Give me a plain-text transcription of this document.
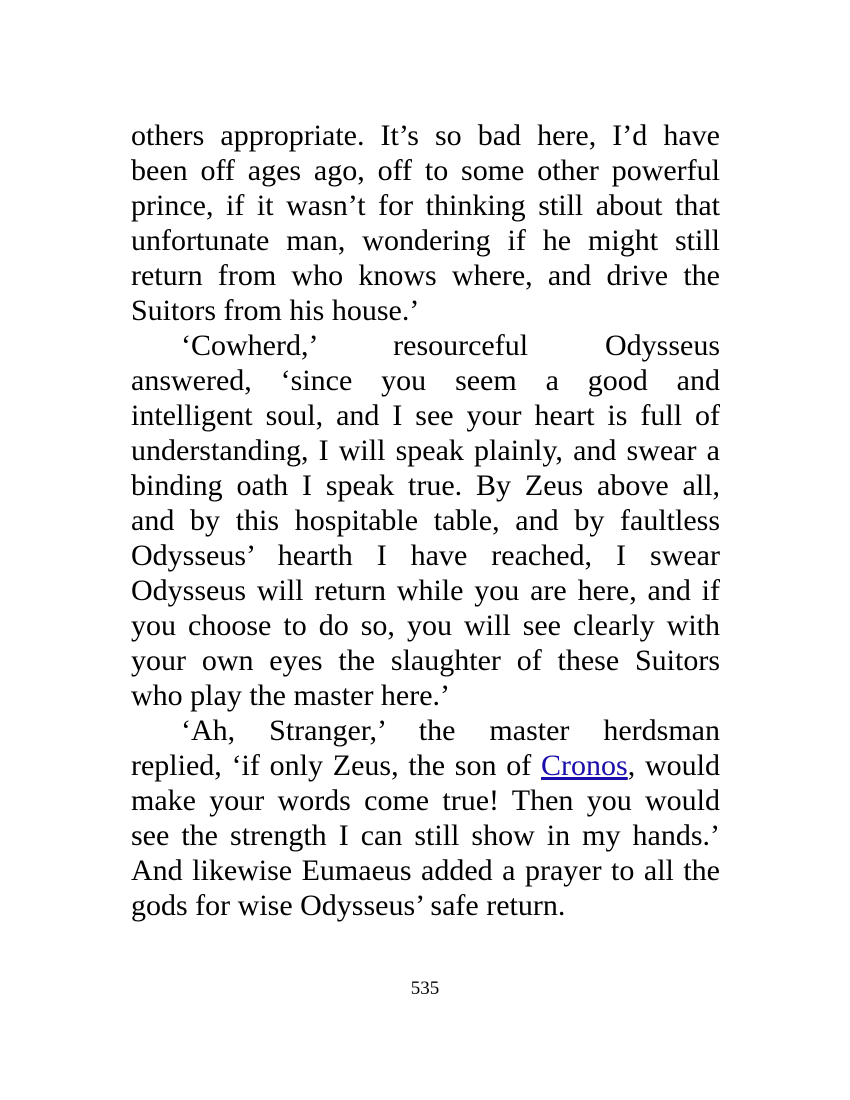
others appropriate. It’s so bad here, I’d have
been off ages ago, off to some other powerful
prince, if it wasn’t for thinking still about that
unfortunate man, wondering if he might still
return from who knows where, and drive the
Suitors from his house.’
‘Cowherd,’ resourceful Odysseus
answered, ‘since you seem a good and
intelligent soul, and I see your heart is full of
understanding, I will speak plainly, and swear a
binding oath I speak true. By Zeus above all,
and by this hospitable table, and by faultless
Odysseus’ hearth I have reached, I swear
Odysseus will return while you are here, and if
you choose to do so, you will see clearly with
your own eyes the slaughter of these Suitors
who play the master here.’
‘Ah, Stranger,’ the master herdsman
replied, ‘if only Zeus, the son of Cronos, would
make your words come true! Then you would
see the strength I can still show in my hands.’
And likewise Eumaeus added a prayer to all the
gods for wise Odysseus’ safe return.
535
